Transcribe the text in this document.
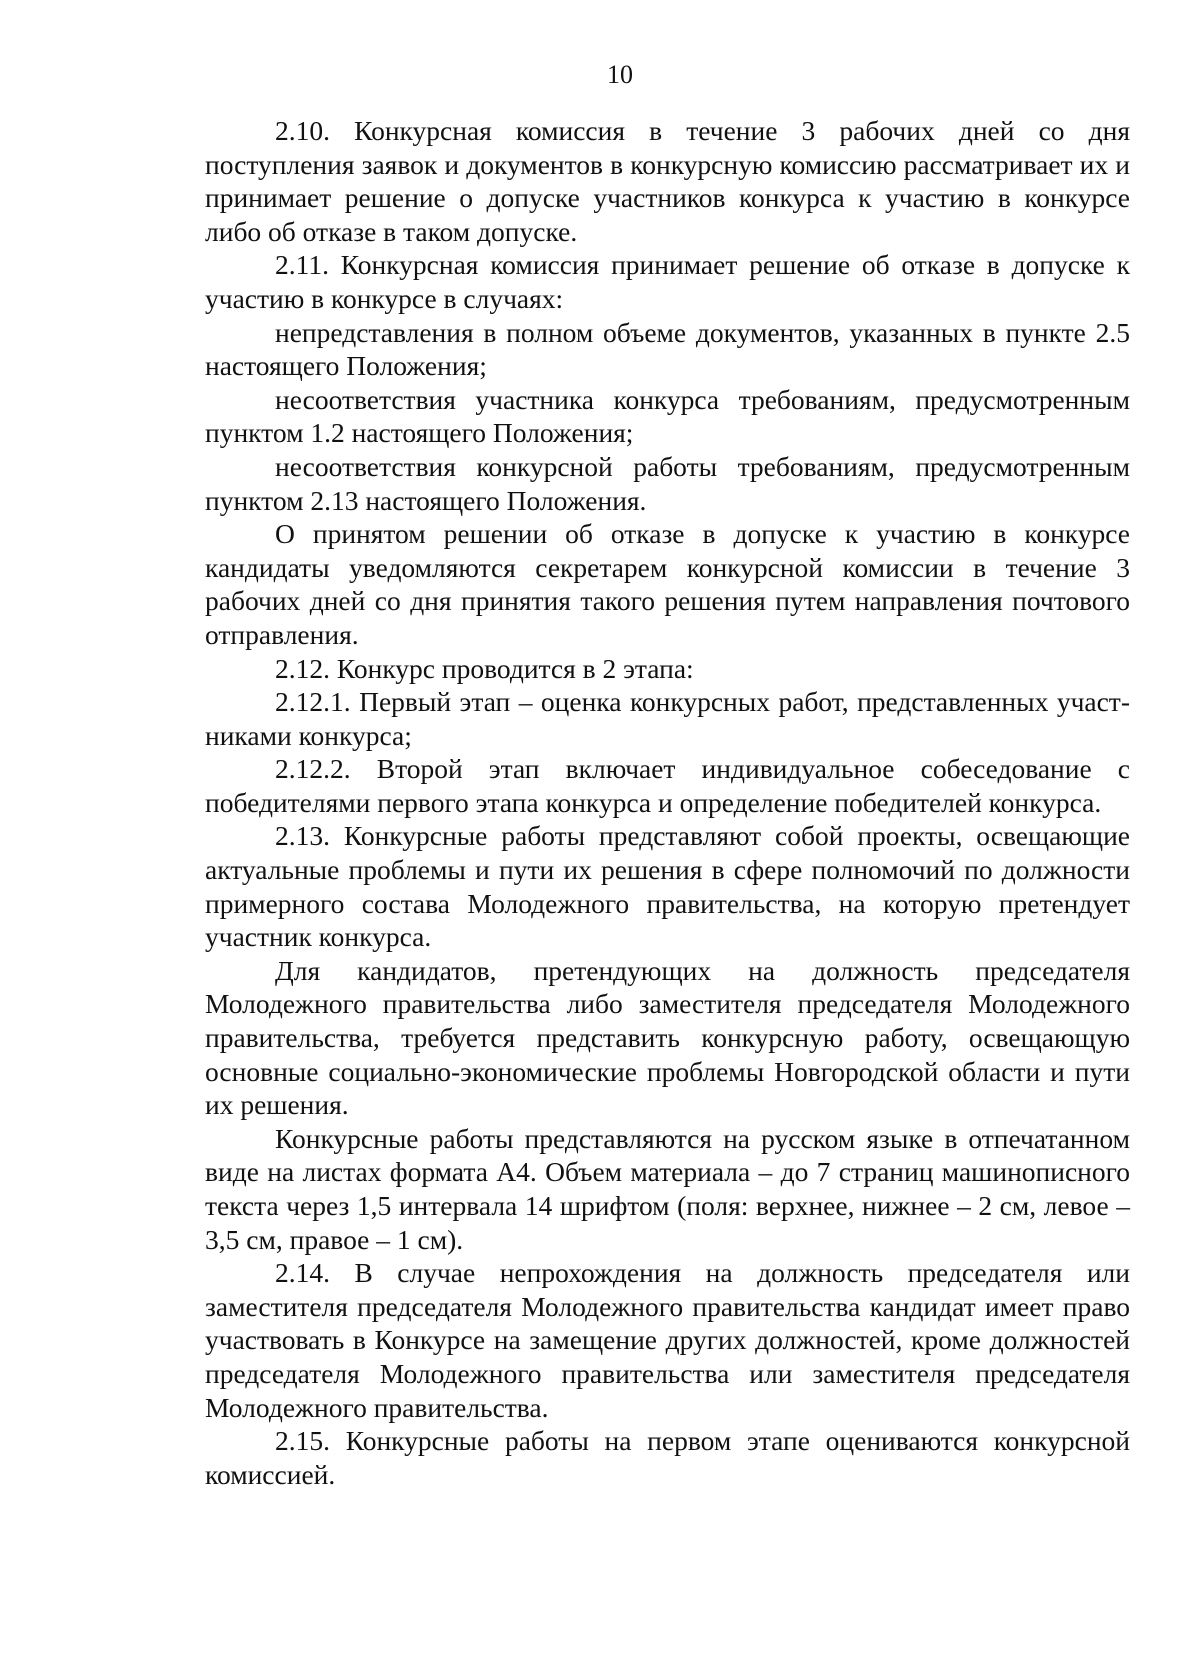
10

2.10. Конкурсная комиссия в течение 3 рабочих дней со дня поступления заявок и документов в конкурсную комиссию рассматривает их и принимает решение о допуске участников конкурса к участию в конкурсе либо об отказе в таком допуске.

2.11. Конкурсная комиссия принимает решение об отказе в допуске к участию в конкурсе в случаях:

непредставления в полном объеме документов, указанных в пункте 2.5 настоящего Положения;

несоответствия участника конкурса требованиям, предусмотренным пунктом 1.2 настоящего Положения;

несоответствия конкурсной работы требованиям, предусмотренным пунктом 2.13 настоящего Положения.

О принятом решении об отказе в допуске к участию в конкурсе кандидаты уведомляются секретарем конкурсной комиссии в течение 3 рабочих дней со дня принятия такого решения путем направления почтового отправления.

2.12. Конкурс проводится в 2 этапа:

2.12.1. Первый этап – оценка конкурсных работ, представленных участниками конкурса;

2.12.2. Второй этап включает индивидуальное собеседование с победителями первого этапа конкурса и определение победителей конкурса.

2.13. Конкурсные работы представляют собой проекты, освещающие актуальные проблемы и пути их решения в сфере полномочий по должности примерного состава Молодежного правительства, на которую претендует участник конкурса.

Для кандидатов, претендующих на должность председателя Молодежного правительства либо заместителя председателя Молодежного правительства, требуется представить конкурсную работу, освещающую основные социально-экономические проблемы Новгородской области и пути их решения.

Конкурсные работы представляются на русском языке в отпечатанном виде на листах формата А4. Объем материала – до 7 страниц машинописного текста через 1,5 интервала 14 шрифтом (поля: верхнее, нижнее – 2 см, левое – 3,5 см, правое – 1 см).

2.14. В случае непрохождения на должность председателя или заместителя председателя Молодежного правительства кандидат имеет право участвовать в Конкурсе на замещение других должностей, кроме должностей председателя Молодежного правительства или заместителя председателя Молодежного правительства.

2.15. Конкурсные работы на первом этапе оцениваются конкурсной комиссией.
